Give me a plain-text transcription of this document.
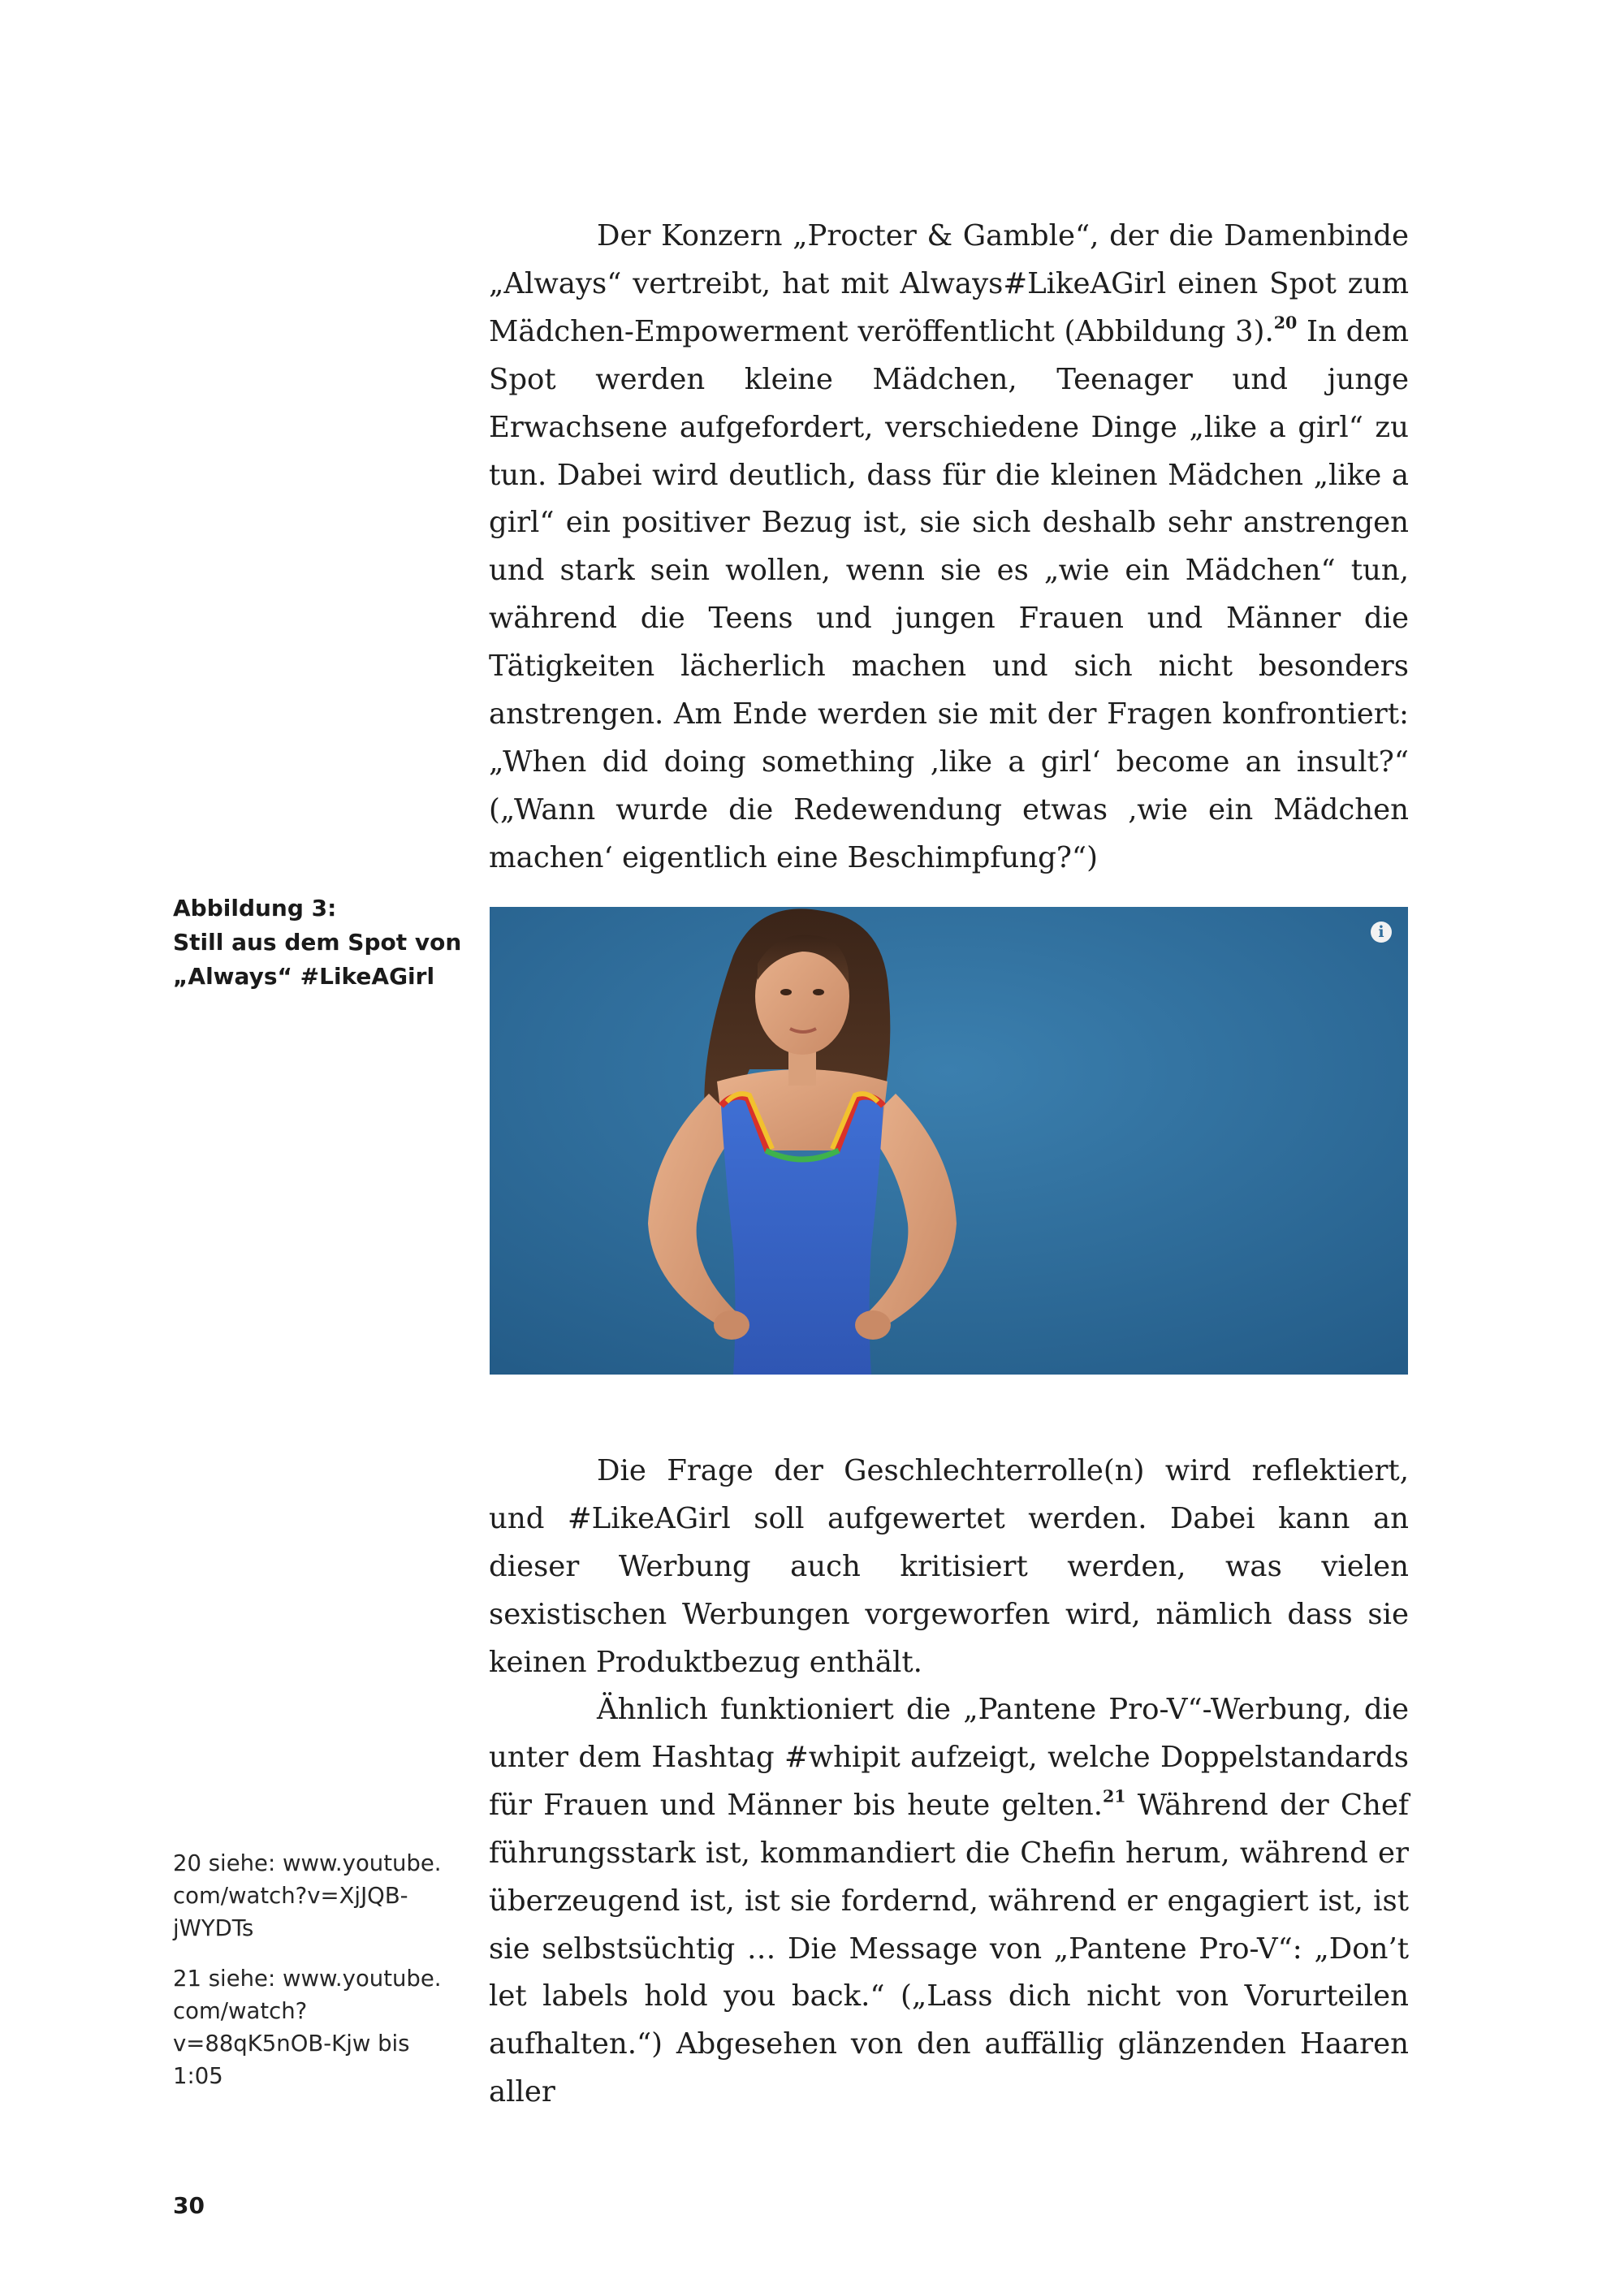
Der Konzern „Procter & Gamble“, der die Damenbinde „Always“ vertreibt, hat mit Always#LikeAGirl einen Spot zum Mädchen-Empowerment veröffentlicht (Abbildung 3).$^{20}$ In dem Spot werden kleine Mädchen, Teenager und junge Erwachsene aufgefordert, verschiedene Dinge „like a girl“ zu tun. Dabei wird deutlich, dass für die kleinen Mädchen „like a girl“ ein positiver Bezug ist, sie sich deshalb sehr anstrengen und stark sein wollen, wenn sie es „wie ein Mädchen“ tun, während die Teens und jungen Frauen und Männer die Tätigkeiten lächerlich machen und sich nicht besonders anstrengen. Am Ende werden sie mit der Fragen konfrontiert: „When did doing something ‚like a girl‘ become an insult?“ („Wann wurde die Redewendung etwas ‚wie ein Mädchen machen‘ eigentlich eine Beschimpfung?“)

Abbildung 3:
Still aus dem Spot von
„Always“ #LikeAGirl
i

Die Frage der Geschlechterrolle(n) wird reflektiert, und #LikeAGirl soll aufgewertet werden. Dabei kann an dieser Werbung auch kritisiert werden, was vielen sexistischen Werbungen vorgeworfen wird, nämlich dass sie keinen Produktbezug enthält.

Ähnlich funktioniert die „Pantene Pro-V“-Werbung, die unter dem Hashtag #whipit aufzeigt, welche Doppelstandards für Frauen und Männer bis heute gelten.$^{21}$ Während der Chef führungsstark ist, kommandiert die Chefin herum, während er überzeugend ist, ist sie fordernd, während er engagiert ist, ist sie selbstsüchtig … Die Message von „Pantene Pro-V“: „Don’t let labels hold you back.“ („Lass dich nicht von Vorurteilen aufhalten.“) Abgesehen von den auffällig glänzenden Haaren aller

20 siehe: www.youtube.​com/watch?v=XjJQB-​jWYDTs

21 siehe: www.youtube.​com/watch?v=88qK5nOB-​Kjw bis 1:05

30
